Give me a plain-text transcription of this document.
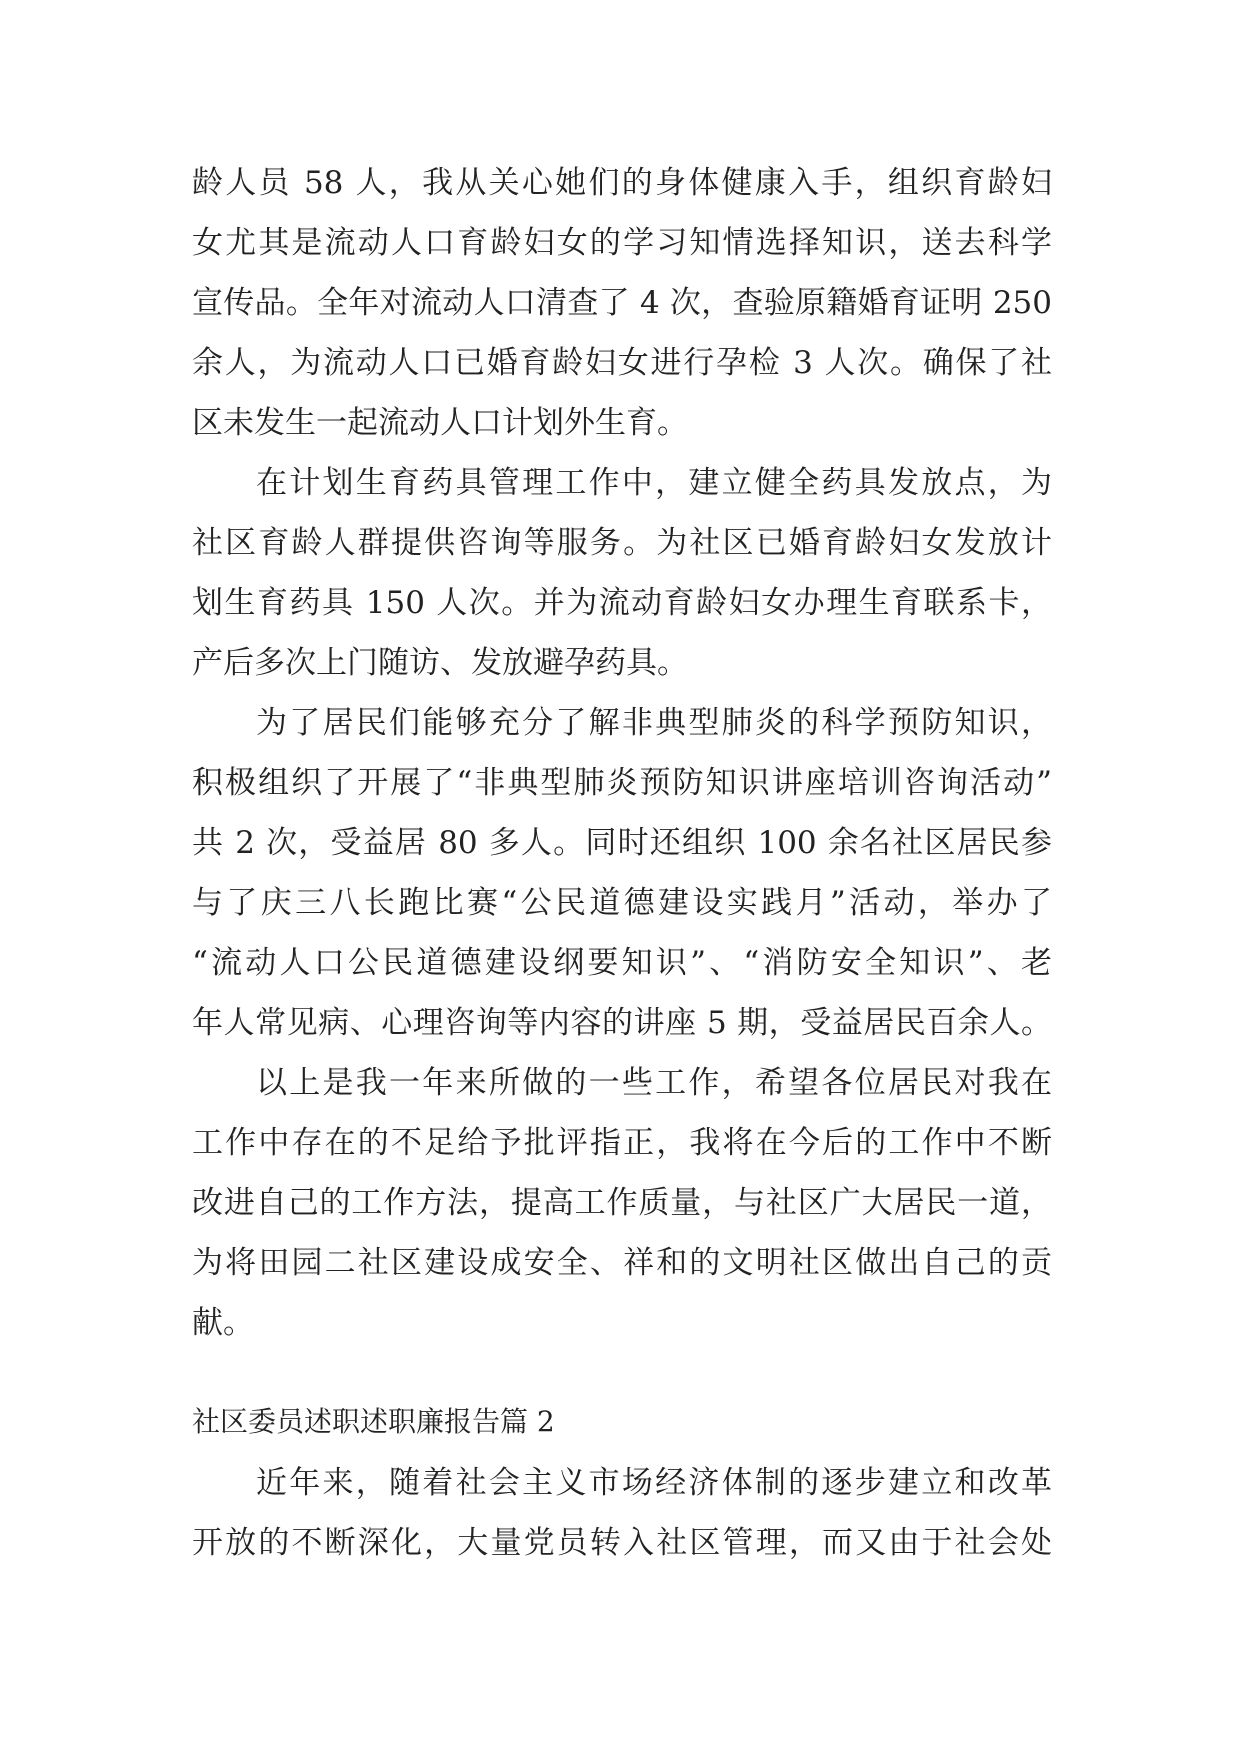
龄人员 58 人，我从关心她们的身体健康入手，组织育龄妇
女尤其是流动人口育龄妇女的学习知情选择知识，送去科学
宣传品。全年对流动人口清查了 4 次，查验原籍婚育证明 250
余人，为流动人口已婚育龄妇女进行孕检 3 人次。确保了社
区未发生一起流动人口计划外生育。
在计划生育药具管理工作中，建立健全药具发放点，为
社区育龄人群提供咨询等服务。为社区已婚育龄妇女发放计
划生育药具 150 人次。并为流动育龄妇女办理生育联系卡，
产后多次上门随访、发放避孕药具。
为了居民们能够充分了解非典型肺炎的科学预防知识，
积极组织了开展了“非典型肺炎预防知识讲座培训咨询活动”
共 2 次，受益居 80 多人。同时还组织 100 余名社区居民参
与了庆三八长跑比赛“公民道德建设实践月”活动，举办了
“流动人口公民道德建设纲要知识”、“消防安全知识”、老
年人常见病、心理咨询等内容的讲座 5 期，受益居民百余人。
以上是我一年来所做的一些工作，希望各位居民对我在
工作中存在的不足给予批评指正，我将在今后的工作中不断
改进自己的工作方法，提高工作质量，与社区广大居民一道，
为将田园二社区建设成安全、祥和的文明社区做出自己的贡
献。
社区委员述职述职廉报告篇 2
近年来，随着社会主义市场经济体制的逐步建立和改革
开放的不断深化，大量党员转入社区管理，而又由于社会处
